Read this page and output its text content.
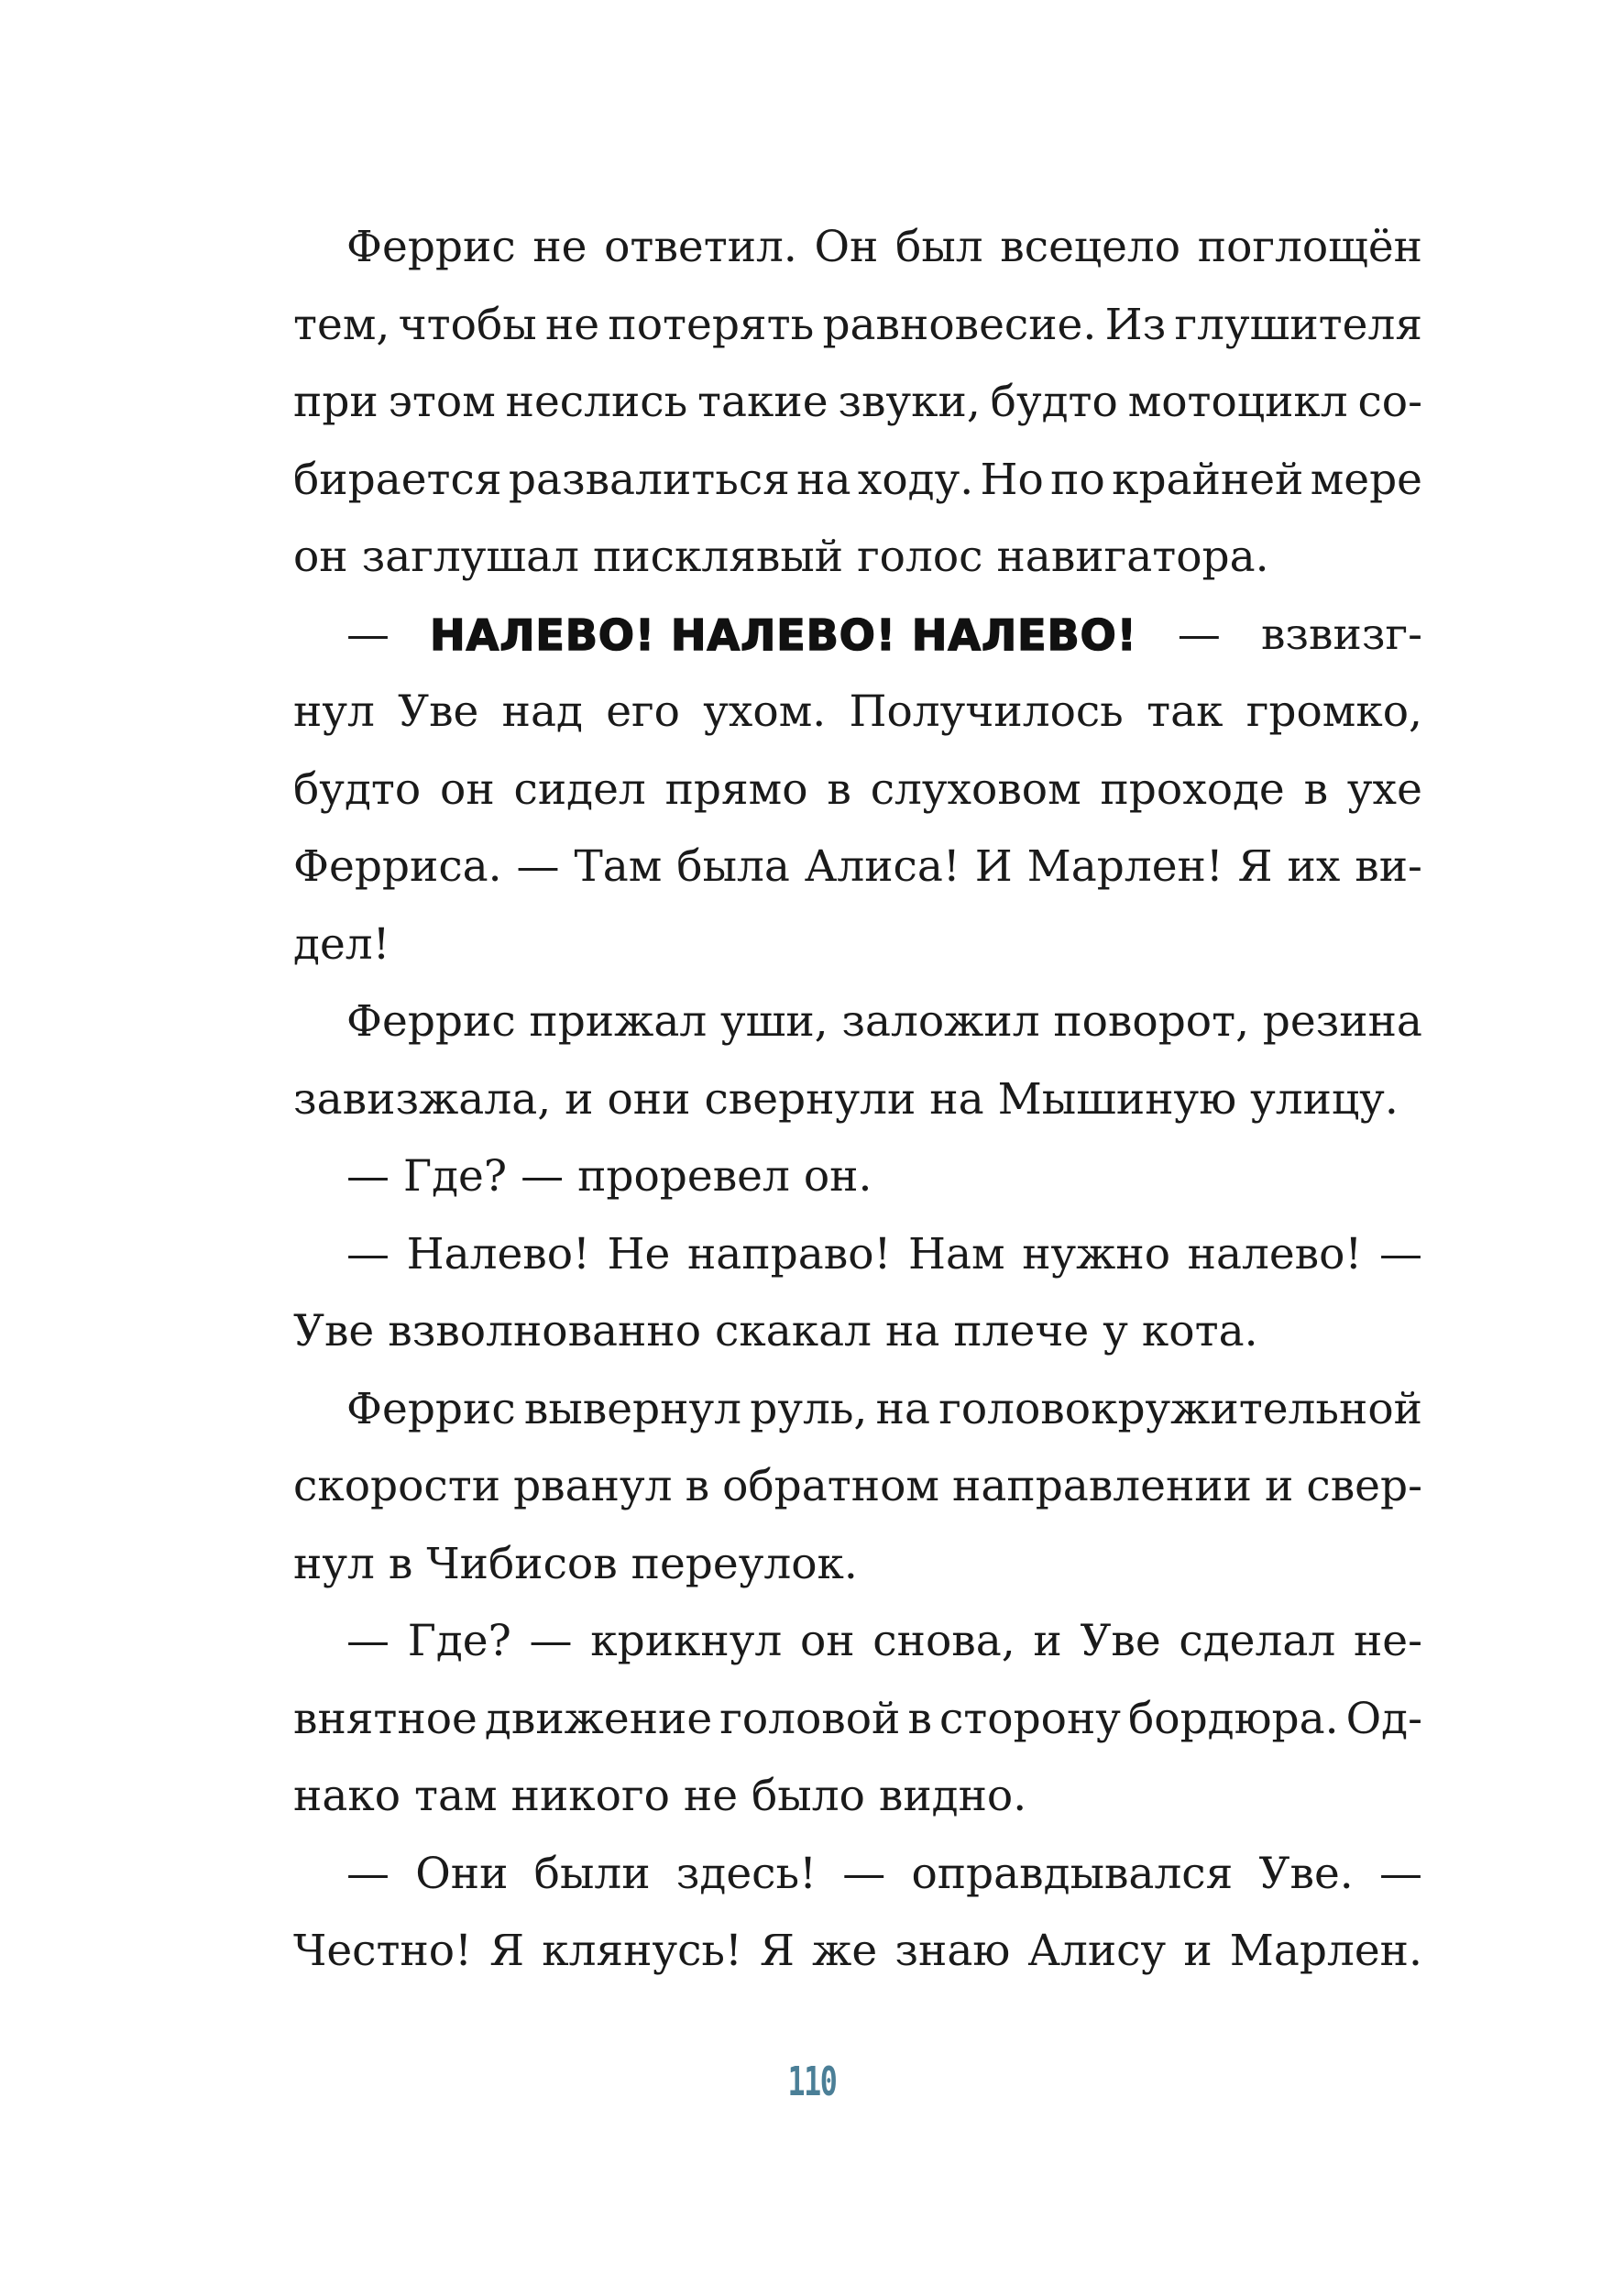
Феррис не ответил. Он был всецело поглощён
тем, чтобы не потерять равновесие. Из глушителя
при этом неслись такие звуки, будто мотоцикл со-
бирается развалиться на ходу. Но по крайней мере
он заглушал писклявый голос навигатора.
— НАЛЕВО! НАЛЕВО! НАЛЕВО! — взвизг-
нул Уве над его ухом. Получилось так громко,
будто он сидел прямо в слуховом проходе в ухе
Ферриса. — Там была Алиса! И Марлен! Я их ви-
дел!
Феррис прижал уши, заложил поворот, резина
завизжала, и они свернули на Мышиную улицу.
— Где? — проревел он.
— Налево! Не направо! Нам нужно налево! —
Уве взволнованно скакал на плече у кота.
Феррис вывернул руль, на головокружительной
скорости рванул в обратном направлении и свер-
нул в Чибисов переулок.
— Где? — крикнул он снова, и Уве сделал не-
внятное движение головой в сторону бордюра. Од-
нако там никого не было видно.
— Они были здесь! — оправдывался Уве. —
Честно! Я клянусь! Я же знаю Алису и Марлен.
110
